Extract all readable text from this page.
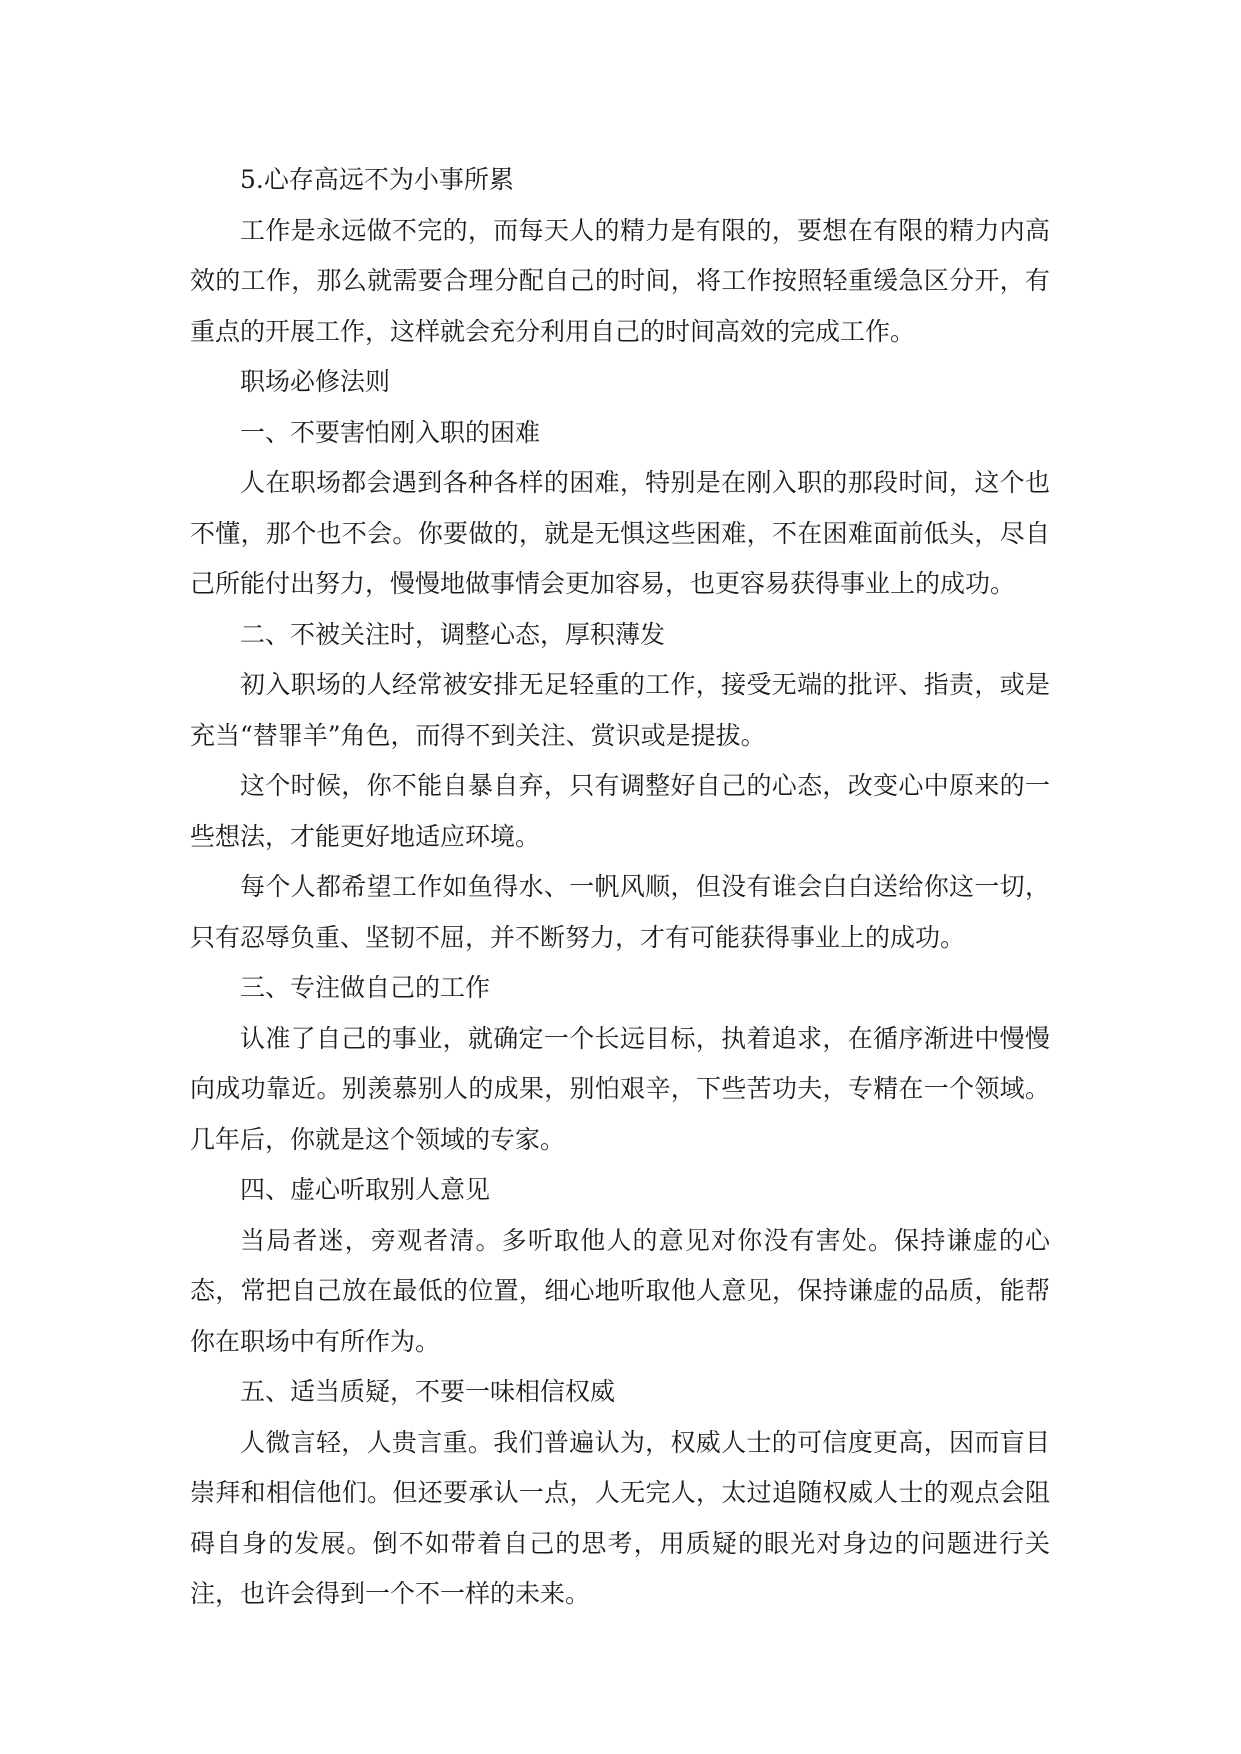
5.心存高远不为小事所累

工作是永远做不完的，而每天人的精力是有限的，要想在有限的精力内高效的工作，那么就需要合理分配自己的时间，将工作按照轻重缓急区分开，有重点的开展工作，这样就会充分利用自己的时间高效的完成工作。

职场必修法则

一、不要害怕刚入职的困难

人在职场都会遇到各种各样的困难，特别是在刚入职的那段时间，这个也不懂，那个也不会。你要做的，就是无惧这些困难，不在困难面前低头，尽自己所能付出努力，慢慢地做事情会更加容易，也更容易获得事业上的成功。

二、不被关注时，调整心态，厚积薄发

初入职场的人经常被安排无足轻重的工作，接受无端的批评、指责，或是充当“替罪羊”角色，而得不到关注、赏识或是提拔。

这个时候，你不能自暴自弃，只有调整好自己的心态，改变心中原来的一些想法，才能更好地适应环境。

每个人都希望工作如鱼得水、一帆风顺，但没有谁会白白送给你这一切，只有忍辱负重、坚韧不屈，并不断努力，才有可能获得事业上的成功。

三、专注做自己的工作

认准了自己的事业，就确定一个长远目标，执着追求，在循序渐进中慢慢向成功靠近。别羡慕别人的成果，别怕艰辛，下些苦功夫，专精在一个领域。几年后，你就是这个领域的专家。

四、虚心听取别人意见

当局者迷，旁观者清。多听取他人的意见对你没有害处。保持谦虚的心态，常把自己放在最低的位置，细心地听取他人意见，保持谦虚的品质，能帮你在职场中有所作为。

五、适当质疑，不要一味相信权威

人微言轻，人贵言重。我们普遍认为，权威人士的可信度更高，因而盲目崇拜和相信他们。但还要承认一点，人无完人，太过追随权威人士的观点会阻碍自身的发展。倒不如带着自己的思考，用质疑的眼光对身边的问题进行关注，也许会得到一个不一样的未来。
